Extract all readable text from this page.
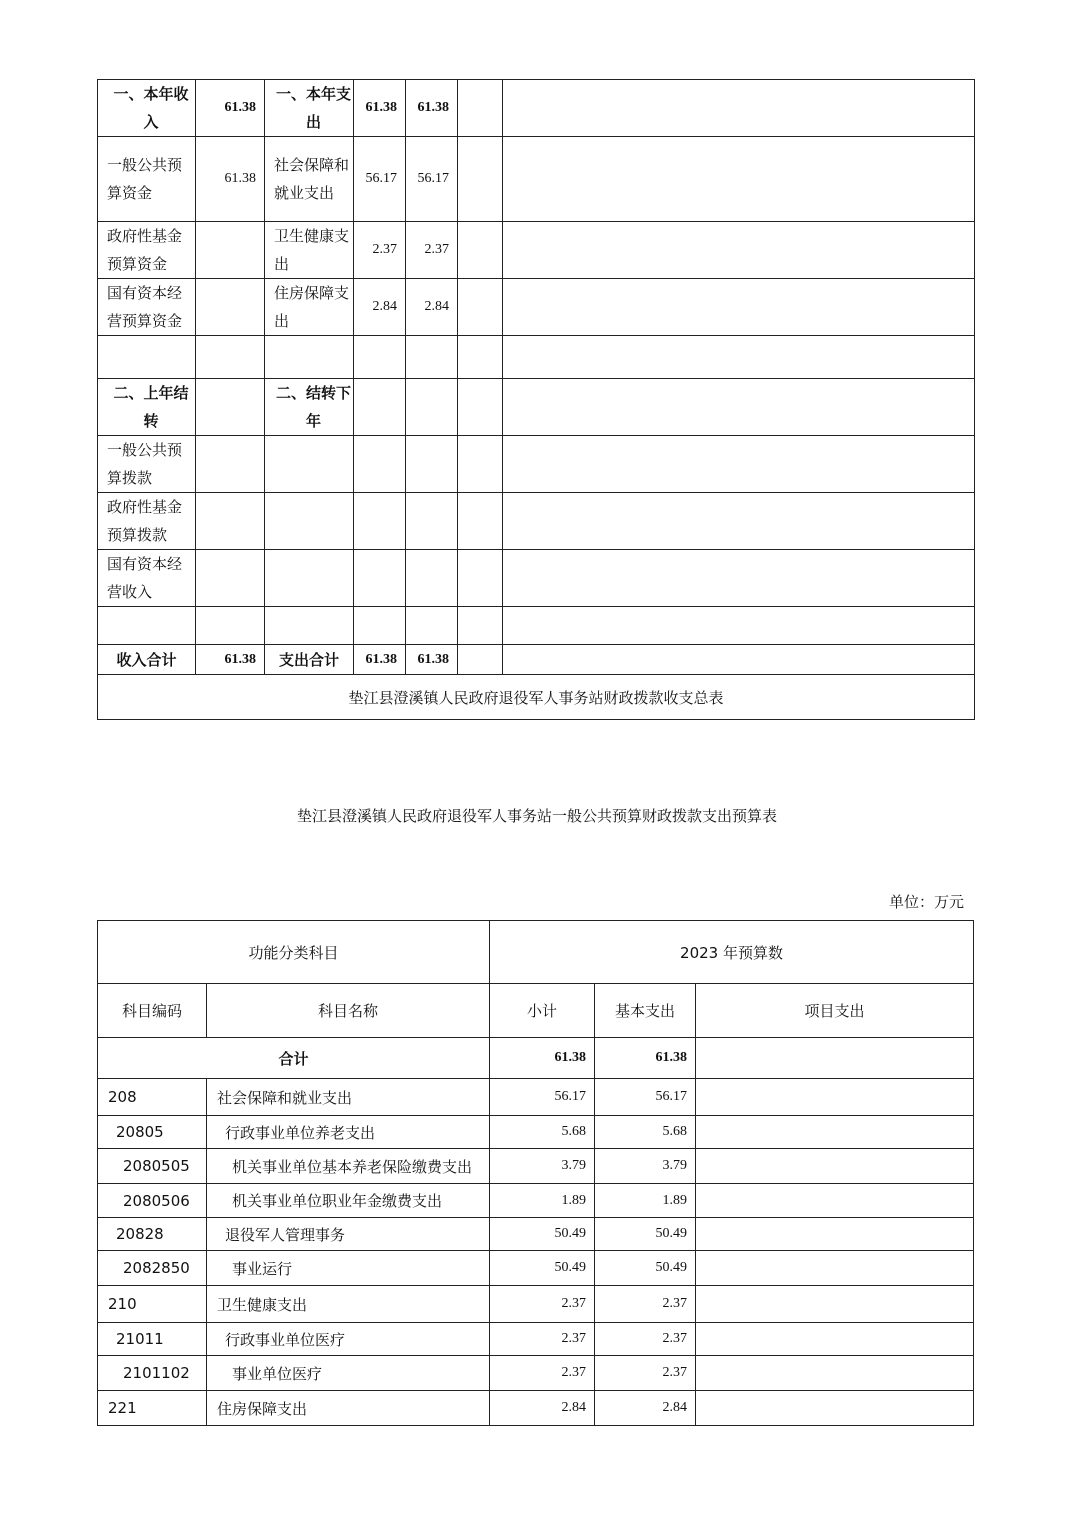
一、本年收入	61.38	一、本年支出	61.38	61.38		
一般公共预算资金	61.38	社会保障和就业支出	56.17	56.17		
政府性基金预算资金		卫生健康支出	2.37	2.37		
国有资本经营预算资金		住房保障支出	2.84	2.84		

二、上年结转		二、结转下年				
一般公共预算拨款						
政府性基金预算拨款						
国有资本经营收入						

收入合计	61.38	支出合计	61.38	61.38		
垫江县澄溪镇人民政府退役军人事务站财政拨款收支总表						
垫江县澄溪镇人民政府退役军人事务站一般公共预算财政拨款支出预算表
单位：万元
功能分类科目		2023 年预算数		
科目编码	科目名称	小计	基本支出	项目支出
合计		61.38	61.38	
208	社会保障和就业支出	56.17	56.17	
20805	行政事业单位养老支出	5.68	5.68	
2080505	机关事业单位基本养老保险缴费支出	3.79	3.79	
2080506	机关事业单位职业年金缴费支出	1.89	1.89	
20828	退役军人管理事务	50.49	50.49	
2082850	事业运行	50.49	50.49	
210	卫生健康支出	2.37	2.37	
21011	行政事业单位医疗	2.37	2.37	
2101102	事业单位医疗	2.37	2.37	
221	住房保障支出	2.84	2.84	
